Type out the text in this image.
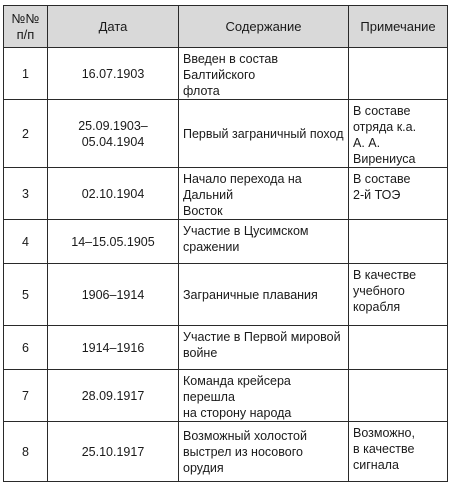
№№
п/п	Дата	Содержание	Примечание
1	16.07.1903	Введен в состав Балтийского
флота	
2	25.09.1903–
05.04.1904	Первый заграничный поход	В составе
отряда к.а.
А. А. Вирениуса
3	02.10.1904	Начало перехода на Дальний
Восток	В составе
2-й ТОЭ
4	14–15.05.1905	Участие в Цусимском
сражении	
5	1906–1914	Заграничные плавания	В качестве
учебного
корабля
6	1914–1916	Участие в Первой мировой
войне	
7	28.09.1917	Команда крейсера перешла
на сторону народа	
8	25.10.1917	Возможный холостой
выстрел из носового орудия	Возможно,
в качестве
сигнала
